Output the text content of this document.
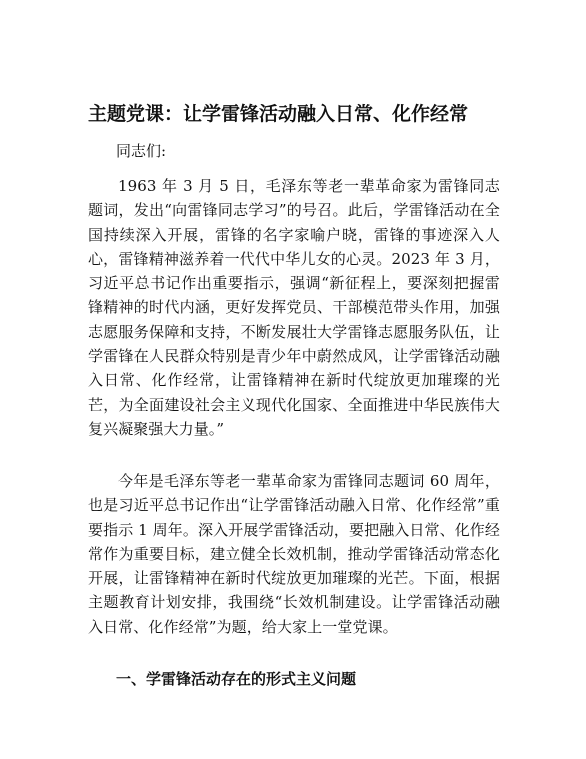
主题党课：让学雷锋活动融入日常、化作经常
同志们:
1963 年 3 月 5 日，毛泽东等老一辈革命家为雷锋同志题词，发出“向雷锋同志学习”的号召。此后，学雷锋活动在全国持续深入开展，雷锋的名字家喻户晓，雷锋的事迹深入人心，雷锋精神滋养着一代代中华儿女的心灵。2023 年 3 月，习近平总书记作出重要指示，强调“新征程上，要深刻把握雷锋精神的时代内涵，更好发挥党员、干部模范带头作用，加强志愿服务保障和支持，不断发展壮大学雷锋志愿服务队伍，让学雷锋在人民群众特别是青少年中蔚然成风，让学雷锋活动融入日常、化作经常，让雷锋精神在新时代绽放更加璀璨的光芒，为全面建设社会主义现代化国家、全面推进中华民族伟大复兴凝聚强大力量。”
今年是毛泽东等老一辈革命家为雷锋同志题词 60 周年，也是习近平总书记作出“让学雷锋活动融入日常、化作经常”重要指示 1 周年。深入开展学雷锋活动，要把融入日常、化作经常作为重要目标，建立健全长效机制，推动学雷锋活动常态化开展，让雷锋精神在新时代绽放更加璀璨的光芒。下面，根据主题教育计划安排，我围绕“长效机制建设。让学雷锋活动融入日常、化作经常”为题，给大家上一堂党课。
一、学雷锋活动存在的形式主义问题
